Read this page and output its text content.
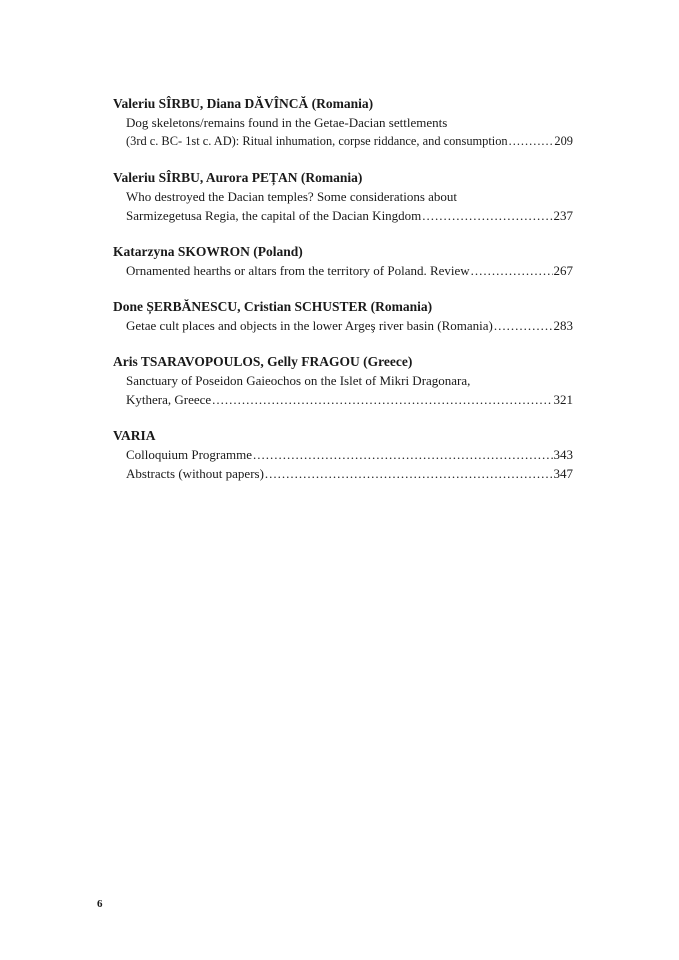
Valeriu SÎRBU, Diana DĂVÎNCĂ (Romania)

Dog skeletons/remains found in the Getae-Dacian settlements

(3rd c. BC- 1st c. AD): Ritual inhumation, corpse riddance, and consumption .....	209

Valeriu SÎRBU, Aurora PEȚAN (Romania)

Who destroyed the Dacian temples? Some considerations about

Sarmizegetusa Regia, the capital of the Dacian Kingdom .....	237

Katarzyna SKOWRON (Poland)

Ornamented hearths or altars from the territory of Poland. Review .....	267

Done ȘERBĂNESCU, Cristian SCHUSTER (Romania)

Getae cult places and objects in the lower Argeş river basin (Romania) .....	283

Aris TSARAVOPOULOS, Gelly FRAGOU (Greece)

Sanctuary of Poseidon Gaieochos on the Islet of Mikri Dragonara,

Kythera, Greece .....	321

VARIA

Colloquium Programme .....	343

Abstracts (without papers) .....	347

6
